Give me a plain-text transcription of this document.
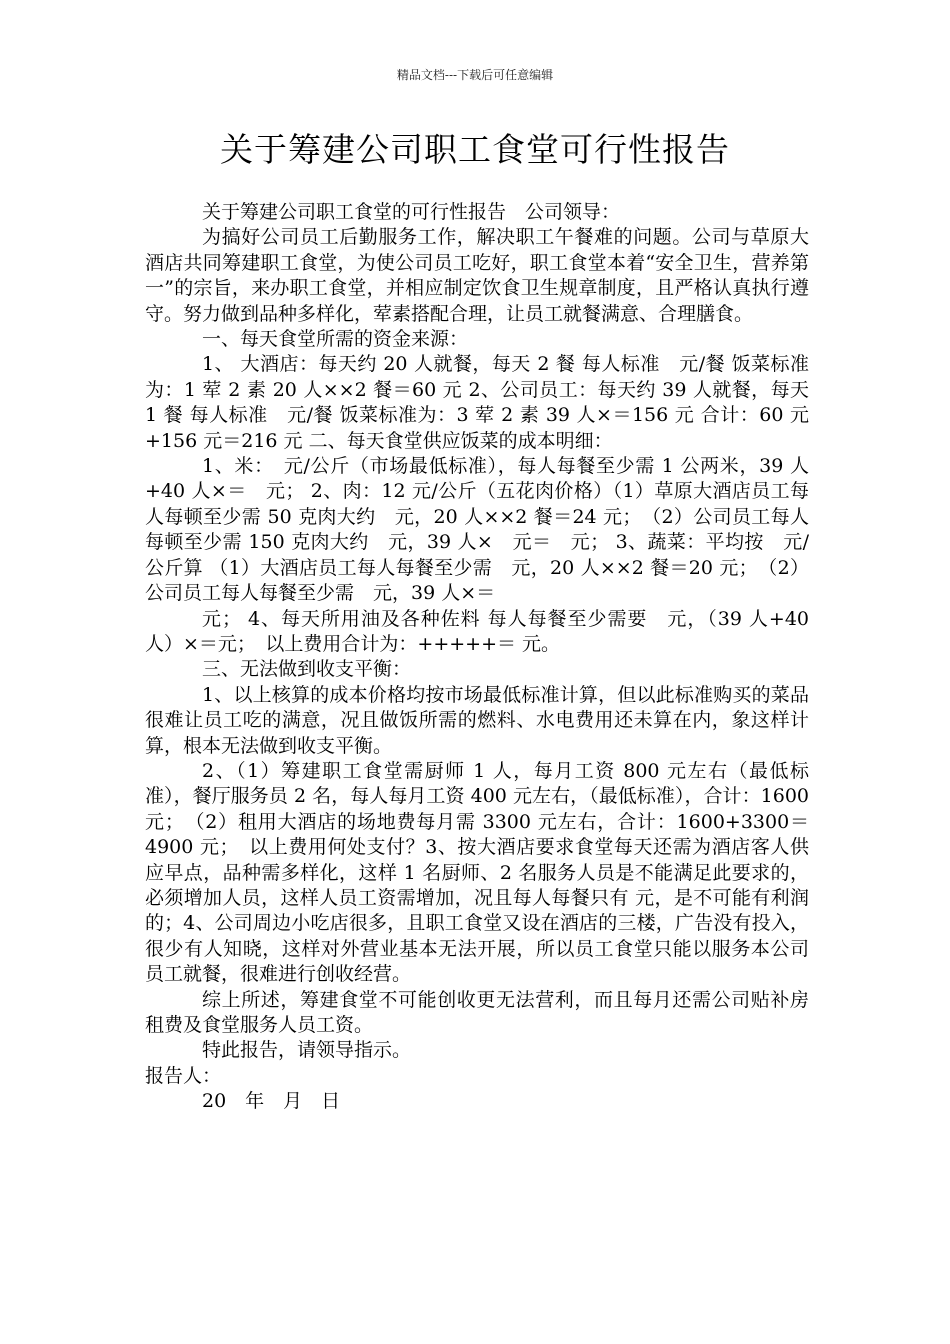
精品文档---下载后可任意编辑
关于筹建公司职工食堂可行性报告

关于筹建公司职工食堂的可行性报告　公司领导：

为搞好公司员工后勤服务工作，解决职工午餐难的问题。公司与草原大酒店共同筹建职工食堂，为使公司员工吃好，职工食堂本着“安全卫生，营养第一”的宗旨，来办职工食堂，并相应制定饮食卫生规章制度，且严格认真执行遵守。努力做到品种多样化，荤素搭配合理，让员工就餐满意、合理膳食。

一、每天食堂所需的资金来源：

1、 大酒店：每天约 20 人就餐，每天 2 餐 每人标准　元/餐 饭菜标准为：1 荤 2 素 20 人××2 餐＝60 元 2、公司员工：每天约 39 人就餐，每天 1 餐 每人标准　元/餐 饭菜标准为：3 荤 2 素 39 人×＝156 元 合计：60 元+156 元＝216 元 二、每天食堂供应饭菜的成本明细：

1、米：　元/公斤（市场最低标准），每人每餐至少需 1 公两米，39 人+40 人×＝　元； 2、肉：12 元/公斤（五花肉价格）（1）草原大酒店员工每人每顿至少需 50 克肉大约　元，20 人××2 餐＝24 元；　（2）公司员工每人每顿至少需 150 克肉大约　元，39 人×　元＝　元； 3、蔬菜：平均按　元/公斤算 （1）大酒店员工每人每餐至少需　元，20 人××2 餐＝20 元；　（2）公司员工每人每餐至少需　元，39 人×＝

元； 4、每天所用油及各种佐料 每人每餐至少需要　元，（39 人+40 人）×＝元；　以上费用合计为：+++++＝ 元。

三、无法做到收支平衡：

1、以上核算的成本价格均按市场最低标准计算，但以此标准购买的菜品很难让员工吃的满意，况且做饭所需的燃料、水电费用还未算在内，象这样计算，根本无法做到收支平衡。

2、（1）筹建职工食堂需厨师 1 人，每月工资 800 元左右（最低标准），餐厅服务员 2 名，每人每月工资 400 元左右，（最低标准），合计：1600 元；　（2）租用大酒店的场地费每月需 3300 元左右，合计：1600+3300＝4900 元；　以上费用何处支付？3、按大酒店要求食堂每天还需为酒店客人供应早点，品种需多样化，这样 1 名厨师、2 名服务人员是不能满足此要求的，必须增加人员，这样人员工资需增加，况且每人每餐只有 元，是不可能有利润的；4、公司周边小吃店很多，且职工食堂又设在酒店的三楼，广告没有投入，很少有人知晓，这样对外营业基本无法开展，所以员工食堂只能以服务本公司员工就餐，很难进行创收经营。

综上所述，筹建食堂不可能创收更无法营利，而且每月还需公司贴补房租费及食堂服务人员工资。

特此报告，请领导指示。

报告人：

20　年　月　日
